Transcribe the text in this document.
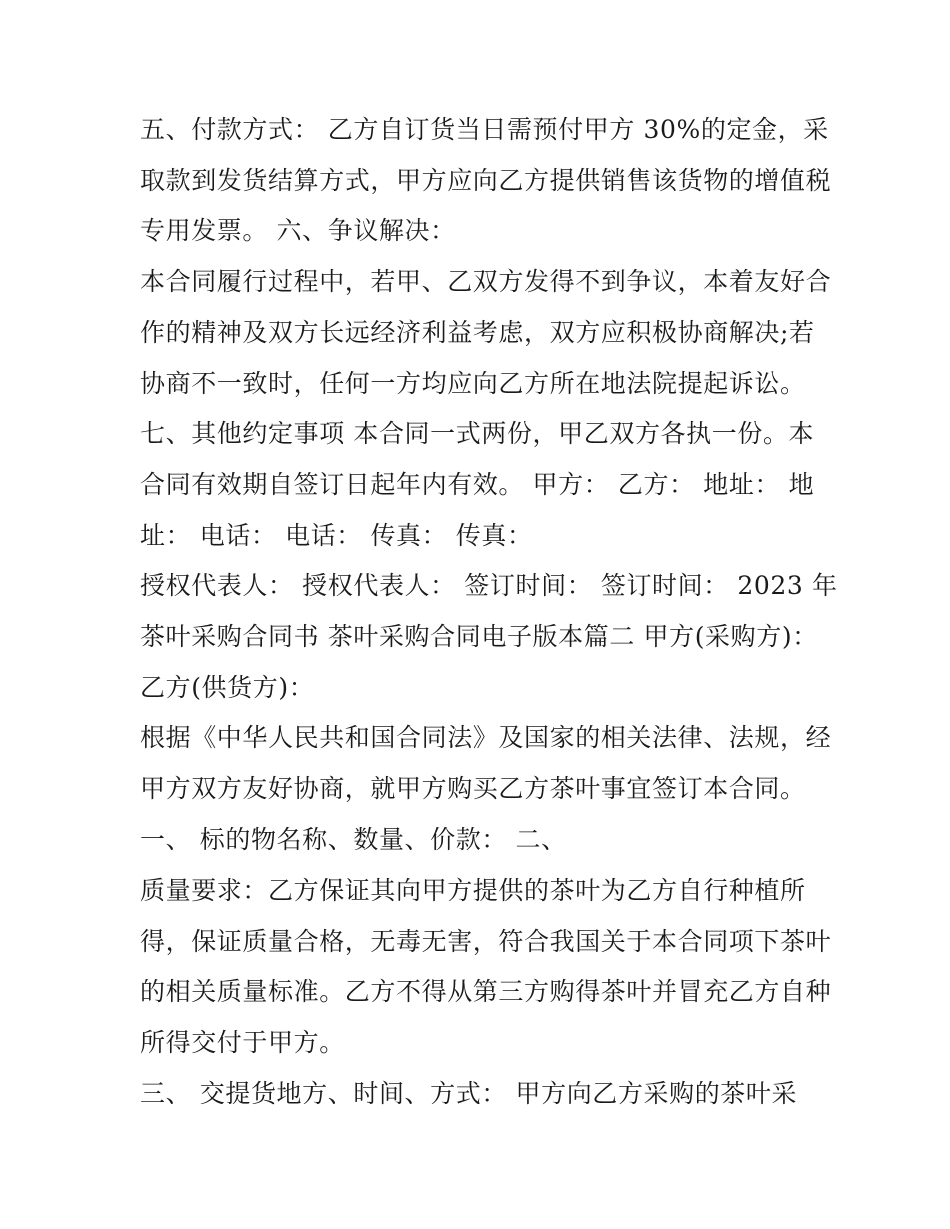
五、付款方式： 乙方自订货当日需预付甲方 30%的定金，采
取款到发货结算方式，甲方应向乙方提供销售该货物的增值税
专用发票。 六、争议解决：
本合同履行过程中，若甲、乙双方发得不到争议，本着友好合
作的精神及双方长远经济利益考虑，双方应积极协商解决;若
协商不一致时，任何一方均应向乙方所在地法院提起诉讼。
七、其他约定事项 本合同一式两份，甲乙双方各执一份。本
合同有效期自签订日起年内有效。 甲方： 乙方： 地址： 地
址： 电话： 电话： 传真： 传真：
授权代表人： 授权代表人： 签订时间： 签订时间： 2023 年
茶叶采购合同书 茶叶采购合同电子版本篇二 甲方(采购方)：
乙方(供货方)：
根据《中华人民共和国合同法》及国家的相关法律、法规，经
甲方双方友好协商，就甲方购买乙方茶叶事宜签订本合同。
一、 标的物名称、数量、价款： 二、
质量要求：乙方保证其向甲方提供的茶叶为乙方自行种植所
得，保证质量合格，无毒无害，符合我国关于本合同项下茶叶
的相关质量标准。乙方不得从第三方购得茶叶并冒充乙方自种
所得交付于甲方。
三、 交提货地方、时间、方式： 甲方向乙方采购的茶叶采
